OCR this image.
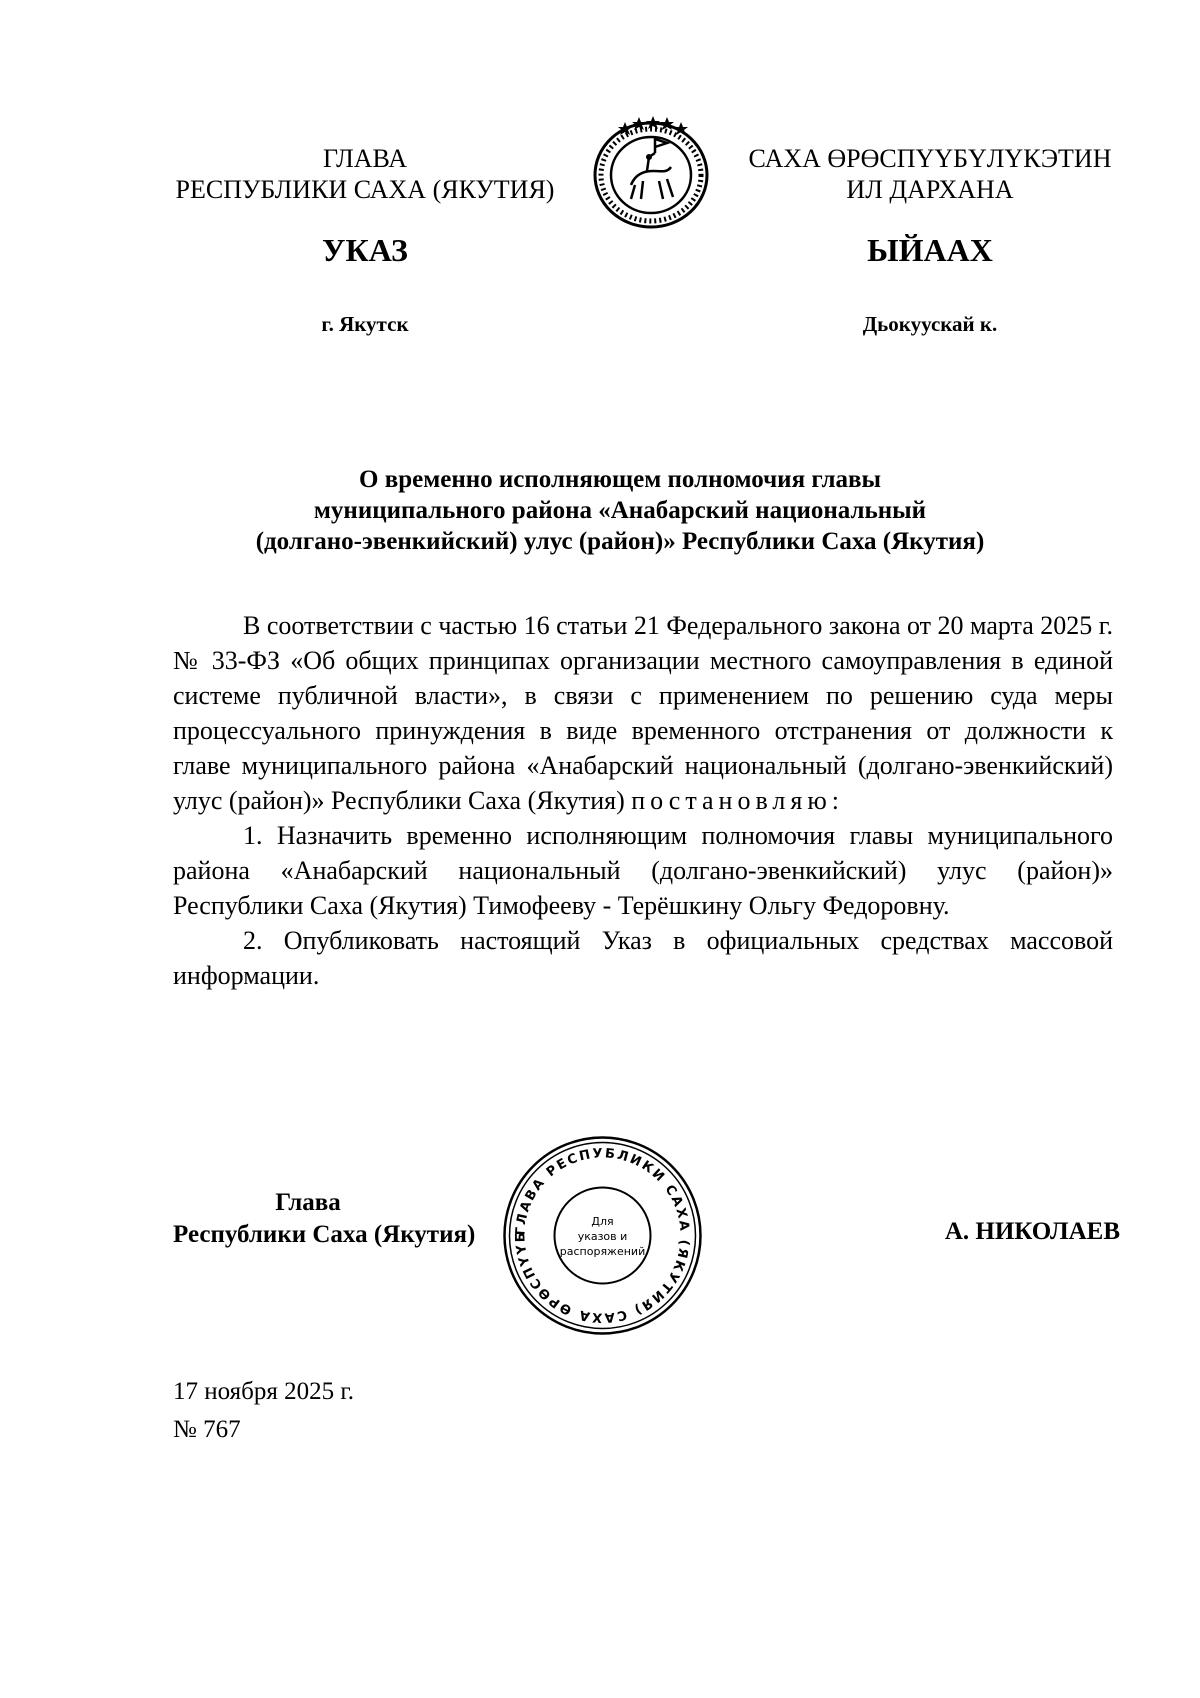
ГЛАВА
РЕСПУБЛИКИ САХА (ЯКУТИЯ)
САХА ӨРӨСПҮҮБҮЛҮКЭТИН
ИЛ ДАРХАНА
УКАЗ	ЫЙААХ
г. Якутск	Дьокуускай к.
О временно исполняющем полномочия главы
муниципального района «Анабарский национальный
(долгано-эвенкийский) улус (район)» Республики Саха (Якутия)

В соответствии с частью 16 статьи 21 Федерального закона от 20 марта 2025 г. № 33-ФЗ «Об общих принципах организации местного самоуправления в единой системе публичной власти», в связи с применением по решению суда меры процессуального принуждения в виде временного отстранения от должности к главе муниципального района «Анабарский национальный (долгано-эвенкийский) улус (район)» Республики Саха (Якутия) постановляю:

1. Назначить временно исполняющим полномочия главы муниципального района «Анабарский национальный (долгано-эвенкийский) улус (район)» Республики Саха (Якутия) Тимофееву - Терёшкину Ольгу Федоровну.

2. Опубликовать настоящий Указ в официальных средствах массовой информации.

Глава
Республики Саха (Якутия)	ГЛАВА РЕСПУБЛИКИ САХА (ЯКУТИЯ) САХА ӨРӨСПҮҮБ
Для
указов и
распоряжений
А. НИКОЛАЕВ
17 ноября 2025 г.
№ 767
